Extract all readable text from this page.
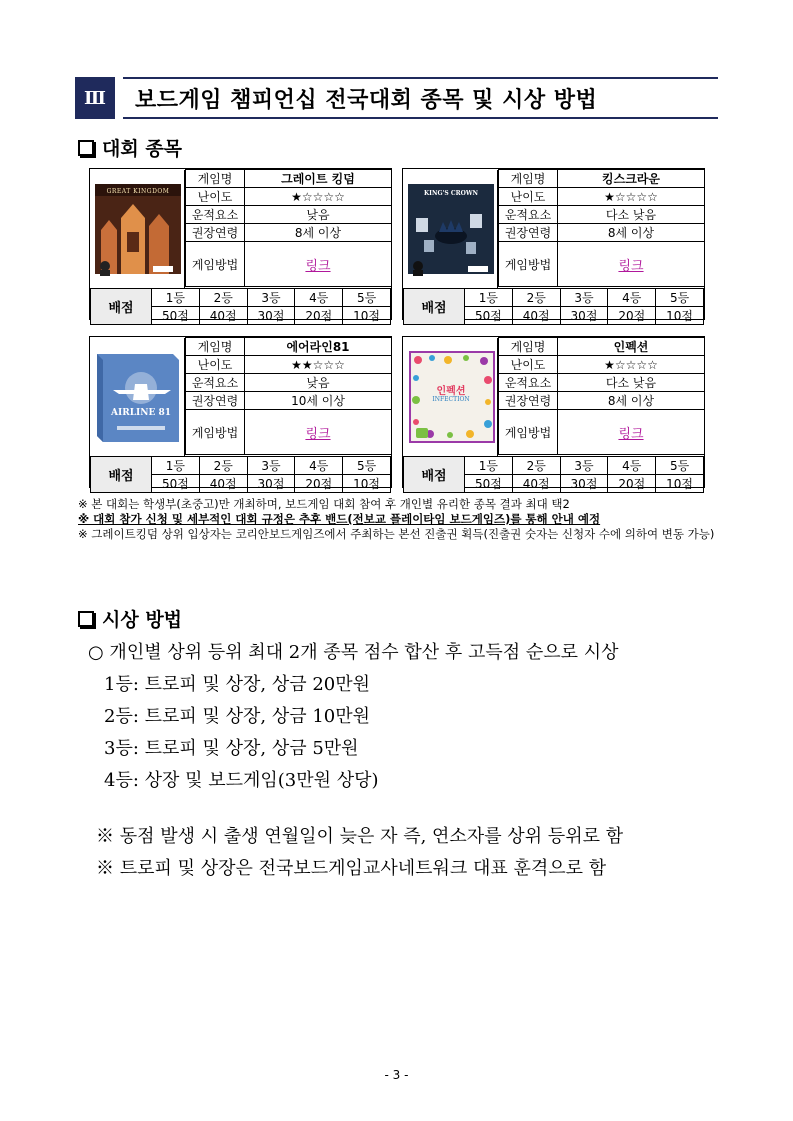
Ⅲ	보드게임 챔피언십 전국대회 종목 및 시상 방법
대회 종목
GREAT KINGDOM
게임명	그레이트 킹덤
난이도	★☆☆☆☆
운적요소	낮음
권장연령	8세 이상
게임방법	링크
배점	1등	2등	3등	4등	5등
	50점	40점	30점	20점	10점
KING'S CROWN
게임명	킹스크라운
난이도	★☆☆☆☆
운적요소	다소 낮음
권장연령	8세 이상
게임방법	링크
배점	1등	2등	3등	4등	5등
	50점	40점	30점	20점	10점
AIRLINE 81
게임명	에어라인81
난이도	★★☆☆☆
운적요소	낮음
권장연령	10세 이상
게임방법	링크
배점	1등	2등	3등	4등	5등
	50점	40점	30점	20점	10점
인펙션
INFECTION
게임명	인펙션
난이도	★☆☆☆☆
운적요소	다소 낮음
권장연령	8세 이상
게임방법	링크
배점	1등	2등	3등	4등	5등
	50점	40점	30점	20점	10점
※ 본 대회는 학생부(초중고)만 개최하며, 보드게임 대회 참여 후 개인별 유리한 종목 결과 최대 택2
※ 대회 참가 신청 및 세부적인 대회 규정은 추후 밴드(전보교 플레이타임 보드게임즈)를 통해 안내 예정
※ 그레이트킹덤 상위 입상자는 코리안보드게임즈에서 주최하는 본선 진출권 획득(진출권 숫자는 신청자 수에 의하여 변동 가능)
시상 방법
○ 개인별 상위 등위 최대 2개 종목 점수 합산 후 고득점 순으로 시상
1등: 트로피 및 상장, 상금 20만원
2등: 트로피 및 상장, 상금 10만원
3등: 트로피 및 상장, 상금 5만원
4등: 상장 및 보드게임(3만원 상당)
※ 동점 발생 시 출생 연월일이 늦은 자 즉, 연소자를 상위 등위로 함
※ 트로피 및 상장은 전국보드게임교사네트워크 대표 훈격으로 함
- 3 -
